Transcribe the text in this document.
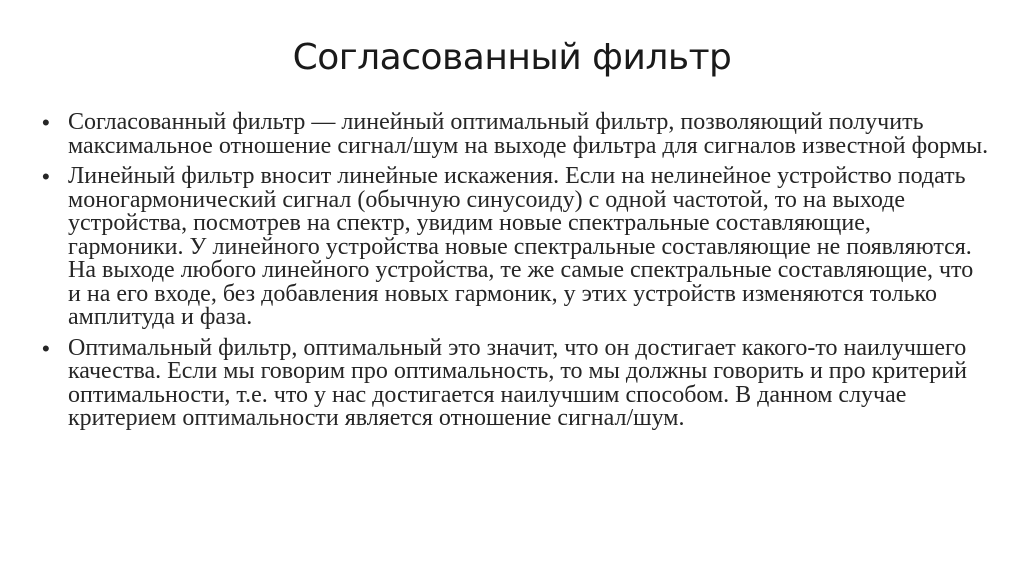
Согласованный фильтр
• Согласованный фильтр — линейный оптимальный фильтр, позволяющий получить максимальное отношение сигнал/шум на выходе фильтра для сигналов известной формы.
• Линейный фильтр вносит линейные искажения. Если на нелинейное устройство подать моногармонический сигнал (обычную синусоиду) с одной частотой, то на выходе устройства, посмотрев на спектр, увидим новые спектральные составляющие, гармоники. У линейного устройства новые спектральные составляющие не появляются. На выходе любого линейного устройства, те же самые спектральные составляющие, что и на его входе, без добавления новых гармоник, у этих устройств изменяются только амплитуда и фаза.
• Оптимальный фильтр, оптимальный это значит, что он достигает какого-то наилучшего качества. Если мы говорим про оптимальность, то мы должны говорить и про критерий оптимальности, т.е. что у нас достигается наилучшим способом. В данном случае критерием оптимальности является отношение сигнал/шум.
